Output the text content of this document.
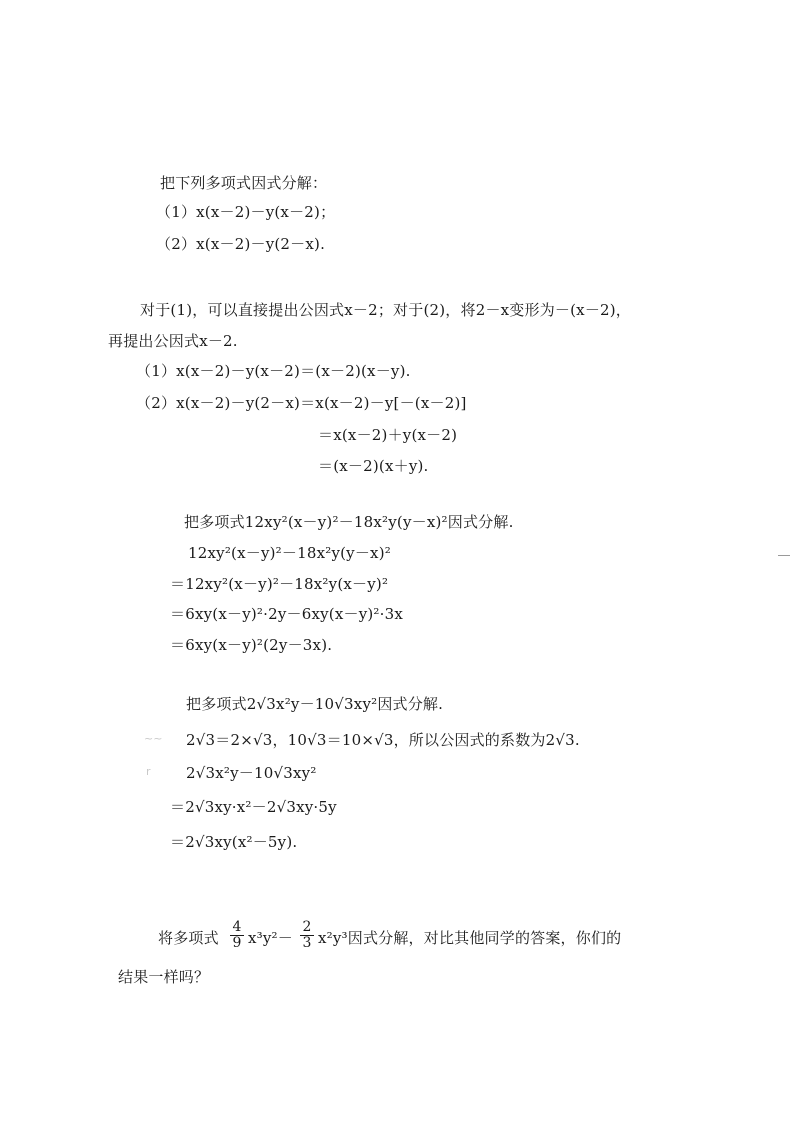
把下列多项式因式分解：
（1）x(x－2)－y(x－2)；
（2）x(x－2)－y(2－x).
对于(1)，可以直接提出公因式x－2；对于(2)，将2－x变形为－(x－2)，
再提出公因式x－2.
（1）x(x－2)－y(x－2)＝(x－2)(x－y).
（2）x(x－2)－y(2－x)＝x(x－2)－y[－(x－2)]
＝x(x－2)＋y(x－2)
＝(x－2)(x＋y).
把多项式12xy²(x－y)²－18x²y(y－x)²因式分解.
12xy²(x－y)²－18x²y(y－x)²
＝12xy²(x－y)²－18x²y(x－y)²
＝6xy(x－y)²·2y－6xy(x－y)²·3x
＝6xy(x－y)²(2y－3x).
把多项式2√3x²y－10√3xy²因式分解.
~~ 2√3＝2×√3，10√3＝10×√3，所以公因式的系数为2√3.
r 2√3x²y－10√3xy²
＝2√3xy·x²－2√3xy·5y
＝2√3xy(x²－5y).
将多项式 $\frac{4}{9} x^3y^2- \frac{2}{3} x^2y^3$因式分解，对比其他同学的答案，你们的
结果一样吗？
